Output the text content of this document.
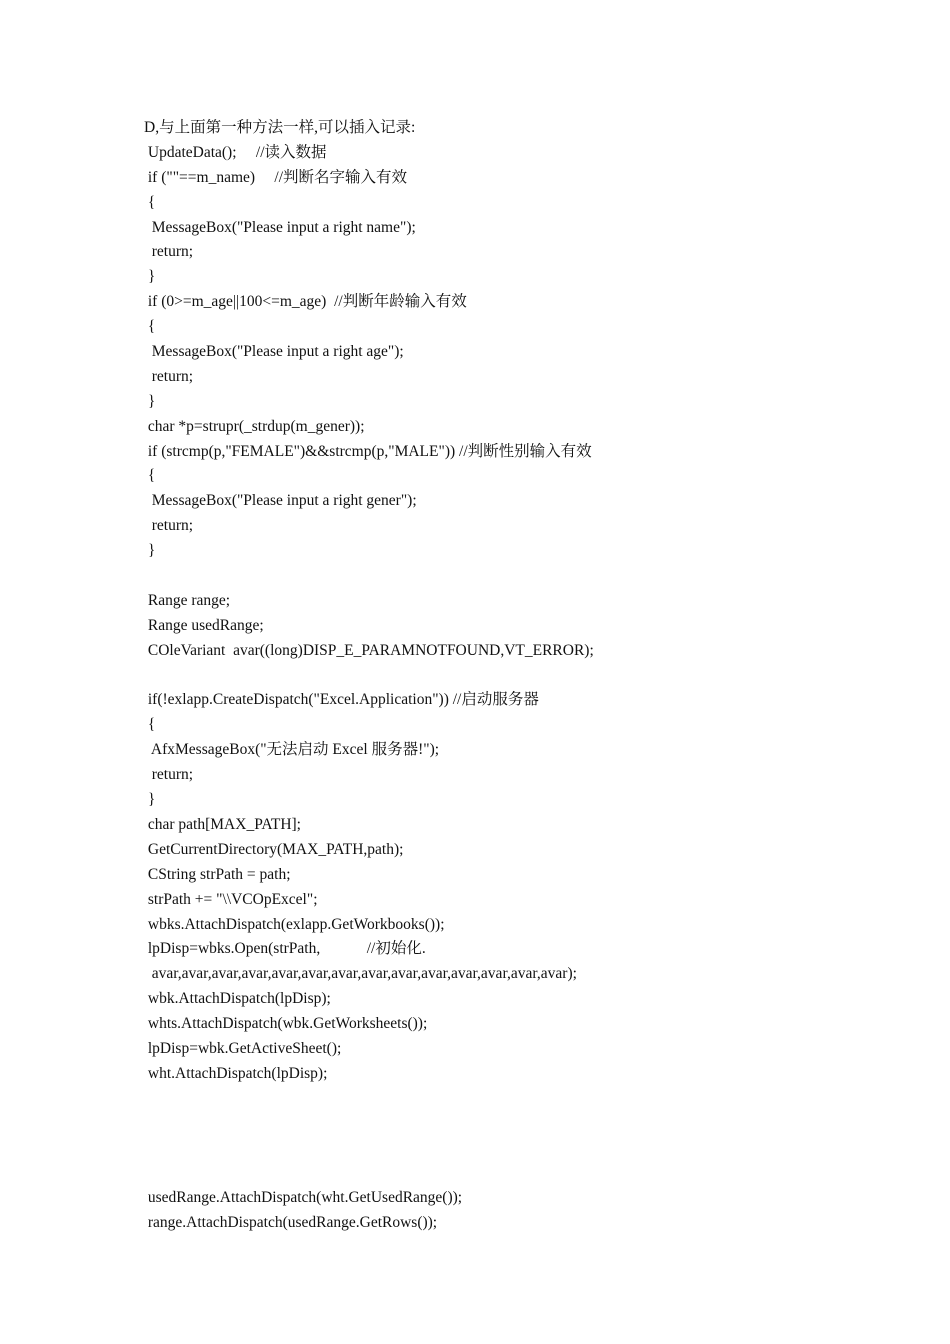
D,与上面第一种方法一样,可以插入记录:
UpdateData();     //读入数据
if (""==m_name)     //判断名字输入有效
{
MessageBox("Please input a right name");
return;
}
if (0>=m_age||100<=m_age)  //判断年龄输入有效
{
MessageBox("Please input a right age");
return;
}
char *p=strupr(_strdup(m_gener));
if (strcmp(p,"FEMALE")&&strcmp(p,"MALE")) //判断性别输入有效
{
MessageBox("Please input a right gener");
return;
}
Range range;
Range usedRange;
COleVariant  avar((long)DISP_E_PARAMNOTFOUND,VT_ERROR);
if(!exlapp.CreateDispatch("Excel.Application")) //启动服务器
{
AfxMessageBox("无法启动 Excel 服务器!");
return;
}
char path[MAX_PATH];
GetCurrentDirectory(MAX_PATH,path);
CString strPath = path;
strPath += "\\VCOpExcel";
wbks.AttachDispatch(exlapp.GetWorkbooks());
lpDisp=wbks.Open(strPath,            //初始化.
avar,avar,avar,avar,avar,avar,avar,avar,avar,avar,avar,avar,avar,avar);
wbk.AttachDispatch(lpDisp);
whts.AttachDispatch(wbk.GetWorksheets());
lpDisp=wbk.GetActiveSheet();
wht.AttachDispatch(lpDisp);
usedRange.AttachDispatch(wht.GetUsedRange());
range.AttachDispatch(usedRange.GetRows());
